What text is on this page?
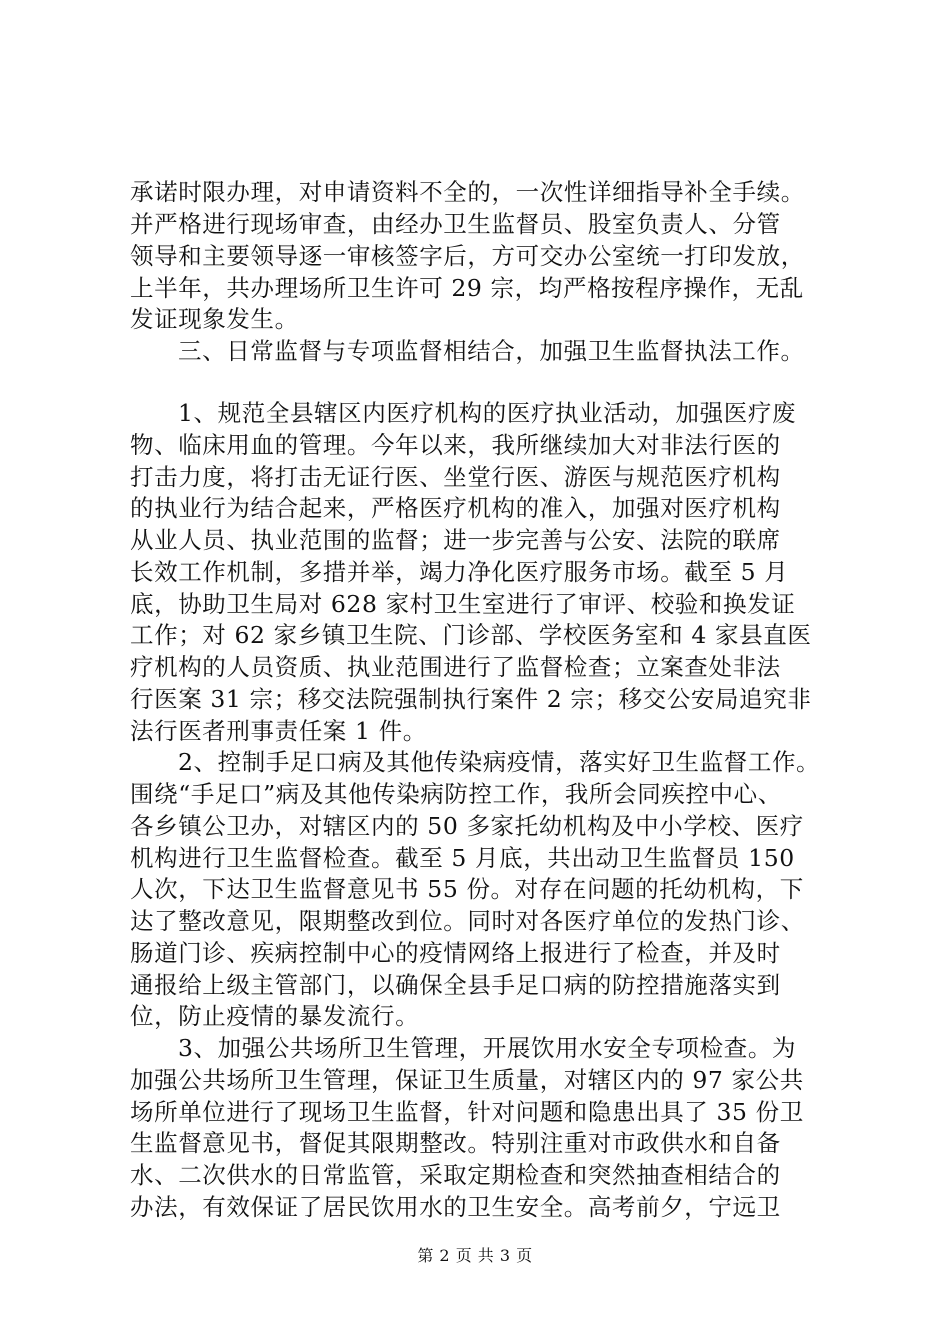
承诺时限办理，对申请资料不全的，一次性详细指导补全手续。
并严格进行现场审查，由经办卫生监督员、股室负责人、分管
领导和主要领导逐一审核签字后，方可交办公室统一打印发放，
上半年，共办理场所卫生许可 29 宗，均严格按程序操作，无乱
发证现象发生。
三、日常监督与专项监督相结合，加强卫生监督执法工作。
1、规范全县辖区内医疗机构的医疗执业活动，加强医疗废
物、临床用血的管理。今年以来，我所继续加大对非法行医的
打击力度，将打击无证行医、坐堂行医、游医与规范医疗机构
的执业行为结合起来，严格医疗机构的准入，加强对医疗机构
从业人员、执业范围的监督；进一步完善与公安、法院的联席
长效工作机制，多措并举，竭力净化医疗服务市场。截至 5 月
底，协助卫生局对 628 家村卫生室进行了审评、校验和换发证
工作；对 62 家乡镇卫生院、门诊部、学校医务室和 4 家县直医
疗机构的人员资质、执业范围进行了监督检查；立案查处非法
行医案 31 宗；移交法院强制执行案件 2 宗；移交公安局追究非
法行医者刑事责任案 1 件。
2、控制手足口病及其他传染病疫情，落实好卫生监督工作。
围绕“手足口”病及其他传染病防控工作，我所会同疾控中心、
各乡镇公卫办，对辖区内的 50 多家托幼机构及中小学校、医疗
机构进行卫生监督检查。截至 5 月底，共出动卫生监督员 150
人次，下达卫生监督意见书 55 份。对存在问题的托幼机构，下
达了整改意见，限期整改到位。同时对各医疗单位的发热门诊、
肠道门诊、疾病控制中心的疫情网络上报进行了检查，并及时
通报给上级主管部门，以确保全县手足口病的防控措施落实到
位，防止疫情的暴发流行。
3、加强公共场所卫生管理，开展饮用水安全专项检查。为
加强公共场所卫生管理，保证卫生质量，对辖区内的 97 家公共
场所单位进行了现场卫生监督，针对问题和隐患出具了 35 份卫
生监督意见书，督促其限期整改。特别注重对市政供水和自备
水、二次供水的日常监管，采取定期检查和突然抽查相结合的
办法，有效保证了居民饮用水的卫生安全。高考前夕，宁远卫
第 2 页 共 3 页
